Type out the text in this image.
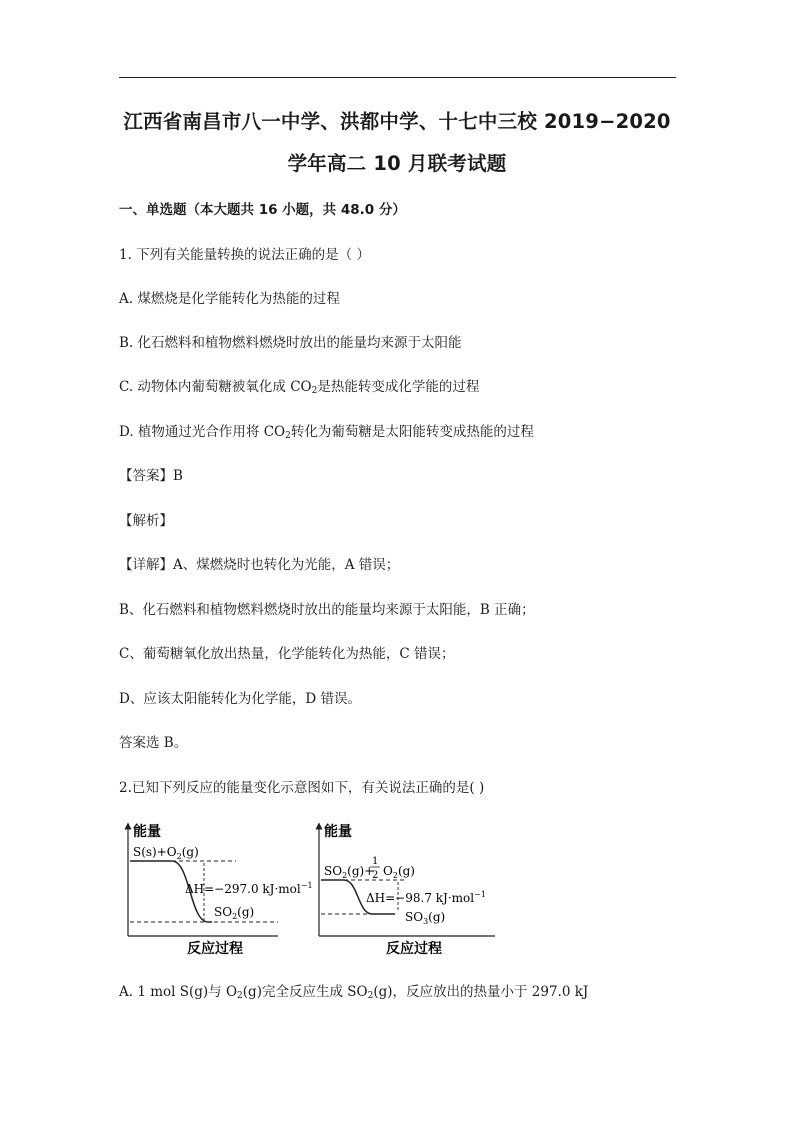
江西省南昌市八一中学、洪都中学、十七中三校 2019−2020
学年高二 10 月联考试题
一、单选题（本大题共 16 小题，共 48.0 分）
1. 下列有关能量转换的说法正确的是（ ）
A. 煤燃烧是化学能转化为热能的过程
B. 化石燃料和植物燃料燃烧时放出的能量均来源于太阳能
C. 动物体内葡萄糖被氧化成 $CO_2$是热能转变成化学能的过程
D. 植物通过光合作用将 $CO_2$转化为葡萄糖是太阳能转变成热能的过程
【答案】B
【解析】
【详解】A、煤燃烧时也转化为光能，A 错误；
B、化石燃料和植物燃料燃烧时放出的能量均来源于太阳能，B 正确；
C、葡萄糖氧化放出热量，化学能转化为热能，C 错误；
D、应该太阳能转化为化学能，D 错误。
答案选 B。
2.已知下列反应的能量变化示意图如下，有关说法正确的是( )
能量
反应过程
$S(s)+O_2(g)$
ΔH=−297.0 kJ·mol$^{-1}$
$SO_2(g)$
能量
反应过程
$SO_2(g)+$
1
2 $O_2(g)$
ΔH=−98.7 kJ·mol$^{-1}$
$SO_3(g)$
A. 1 mol S(g)与 $O_2(g)$完全反应生成 $SO_2(g)$，反应放出的热量小于 297.0 kJ
